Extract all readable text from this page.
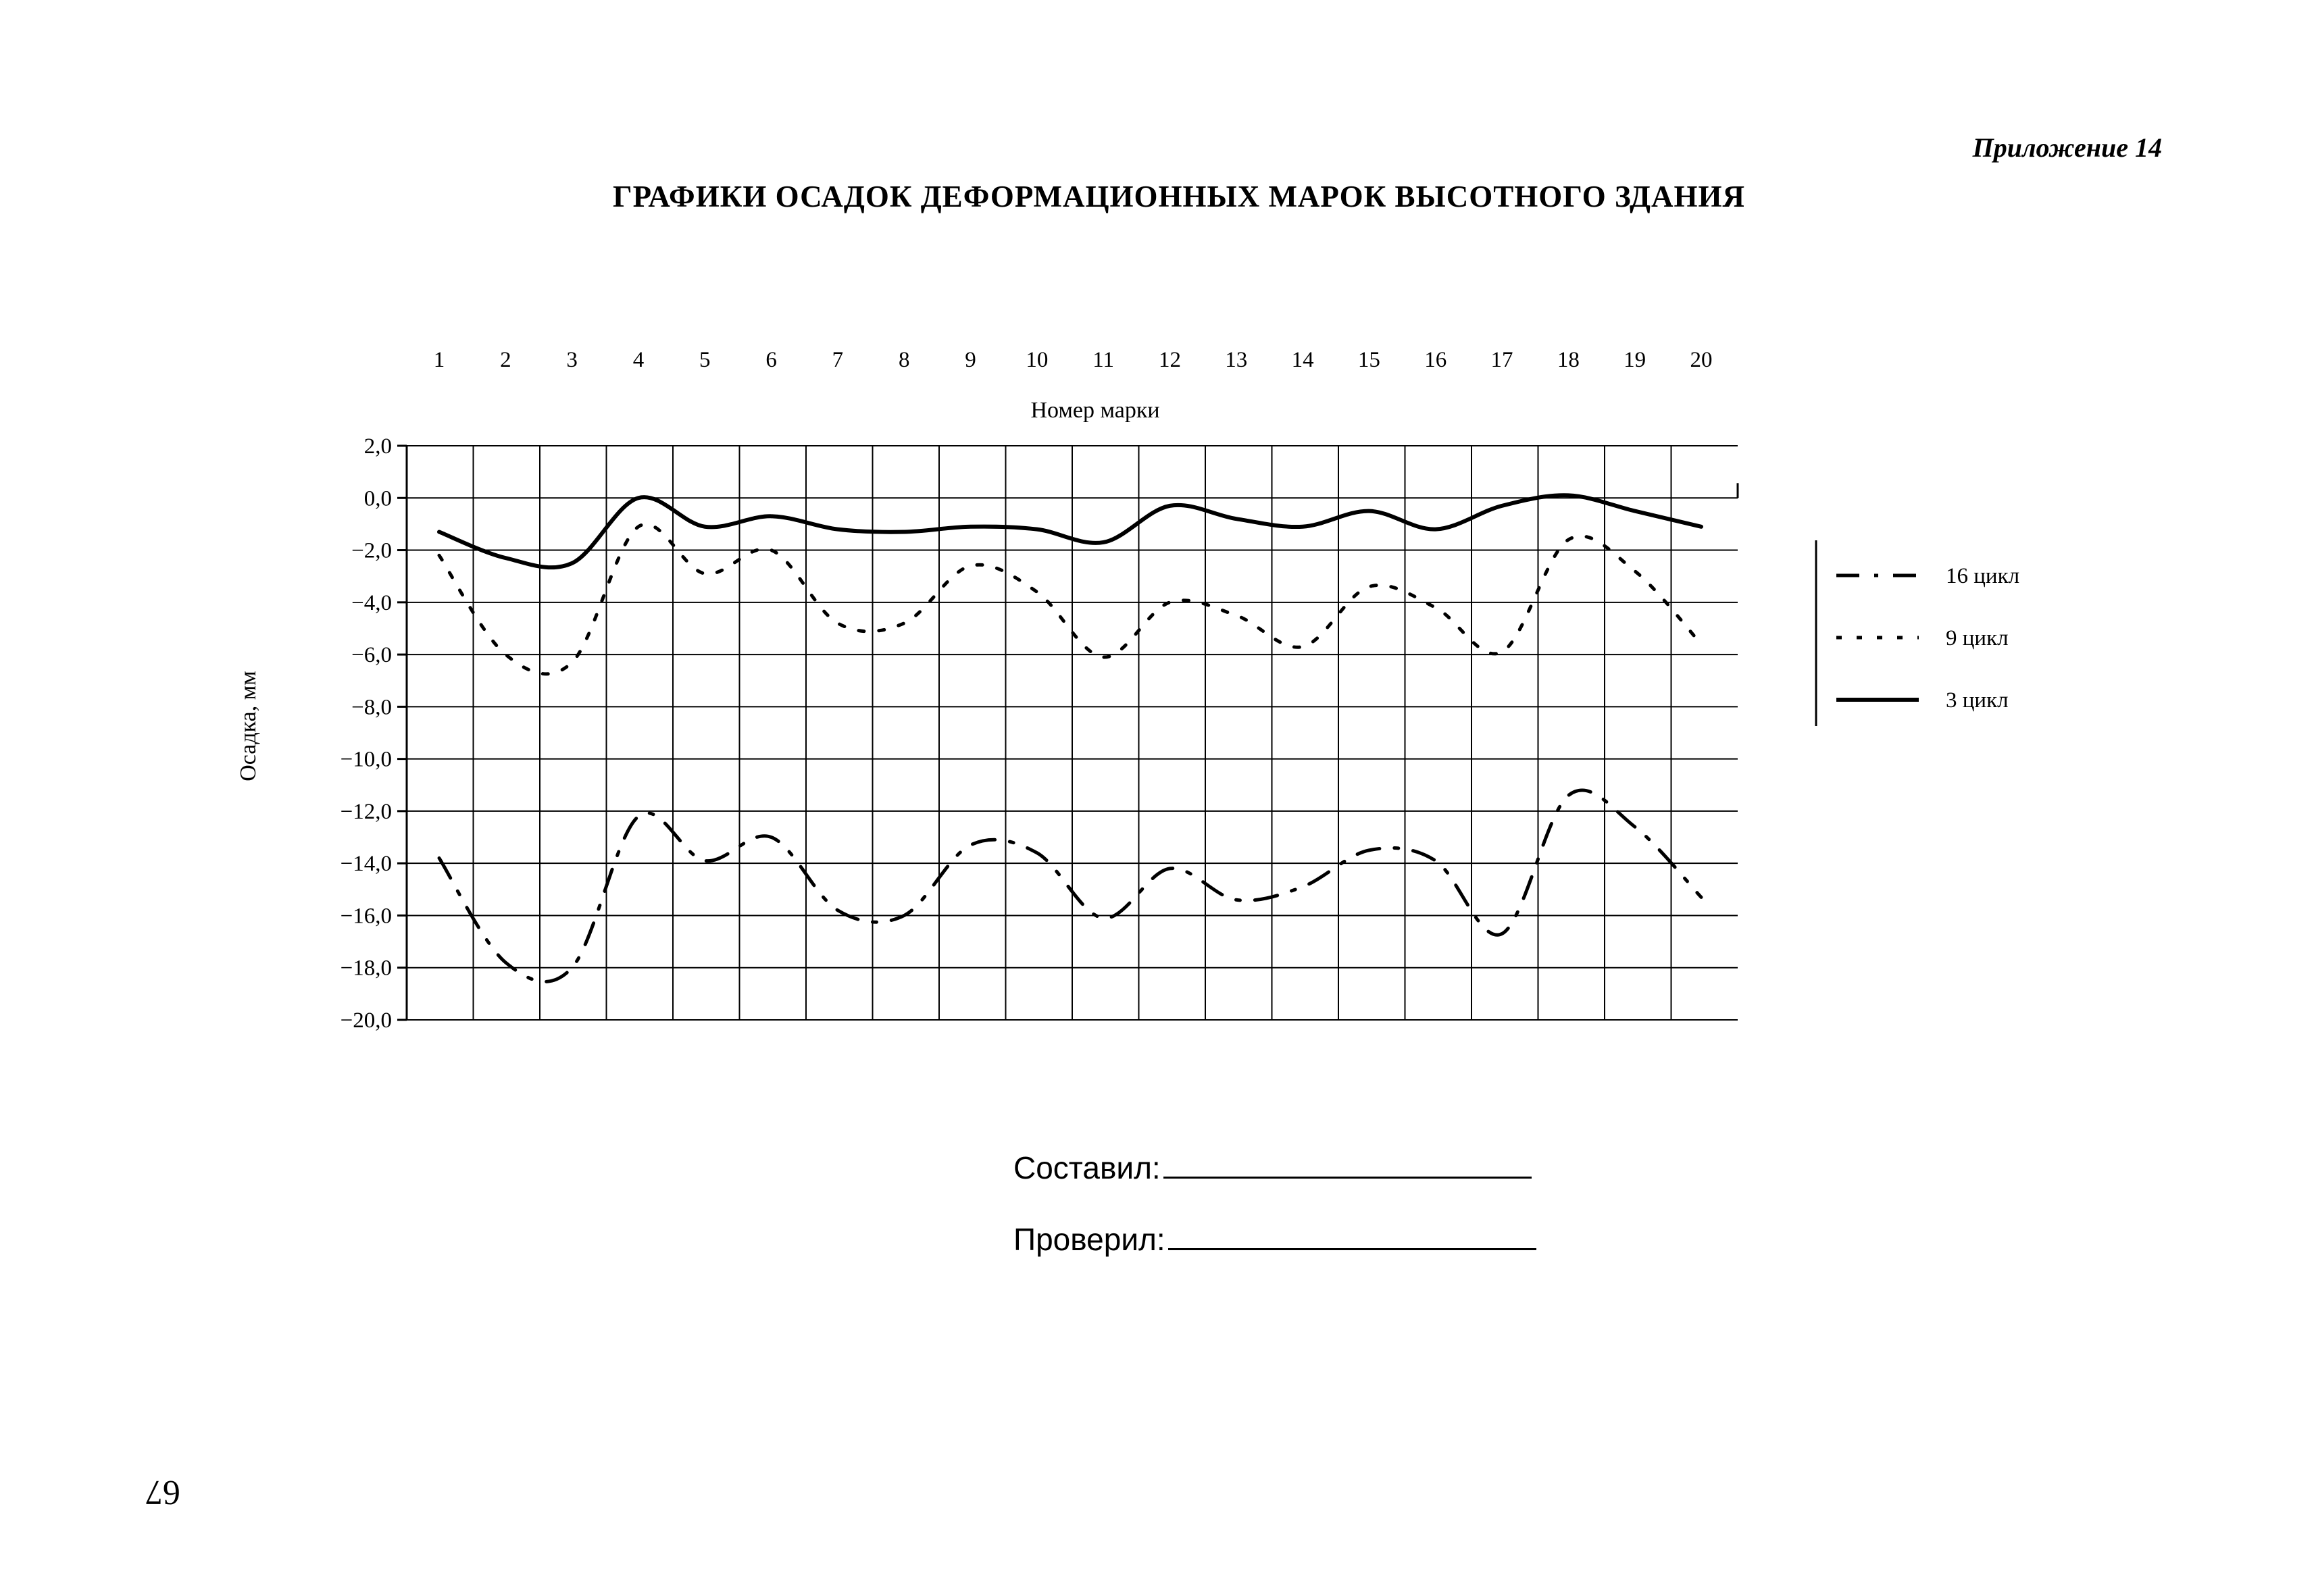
Приложение 14
ГРАФИКИ ОСАДОК ДЕФОРМАЦИОННЫХ МАРОК ВЫСОТНОГО ЗДАНИЯ
2,0
0,0
−2,0
−4,0
−6,0
−8,0
−10,0
−12,0
−14,0
−16,0
−18,0
−20,0
1 2 3 4 5 6 7 8 9 10 11 12 13 14 15 16 17 18 19 20
Номер марки
Осадка, мм
16 цикл
9 цикл
3 цикл
Составил:
Проверил:
67
